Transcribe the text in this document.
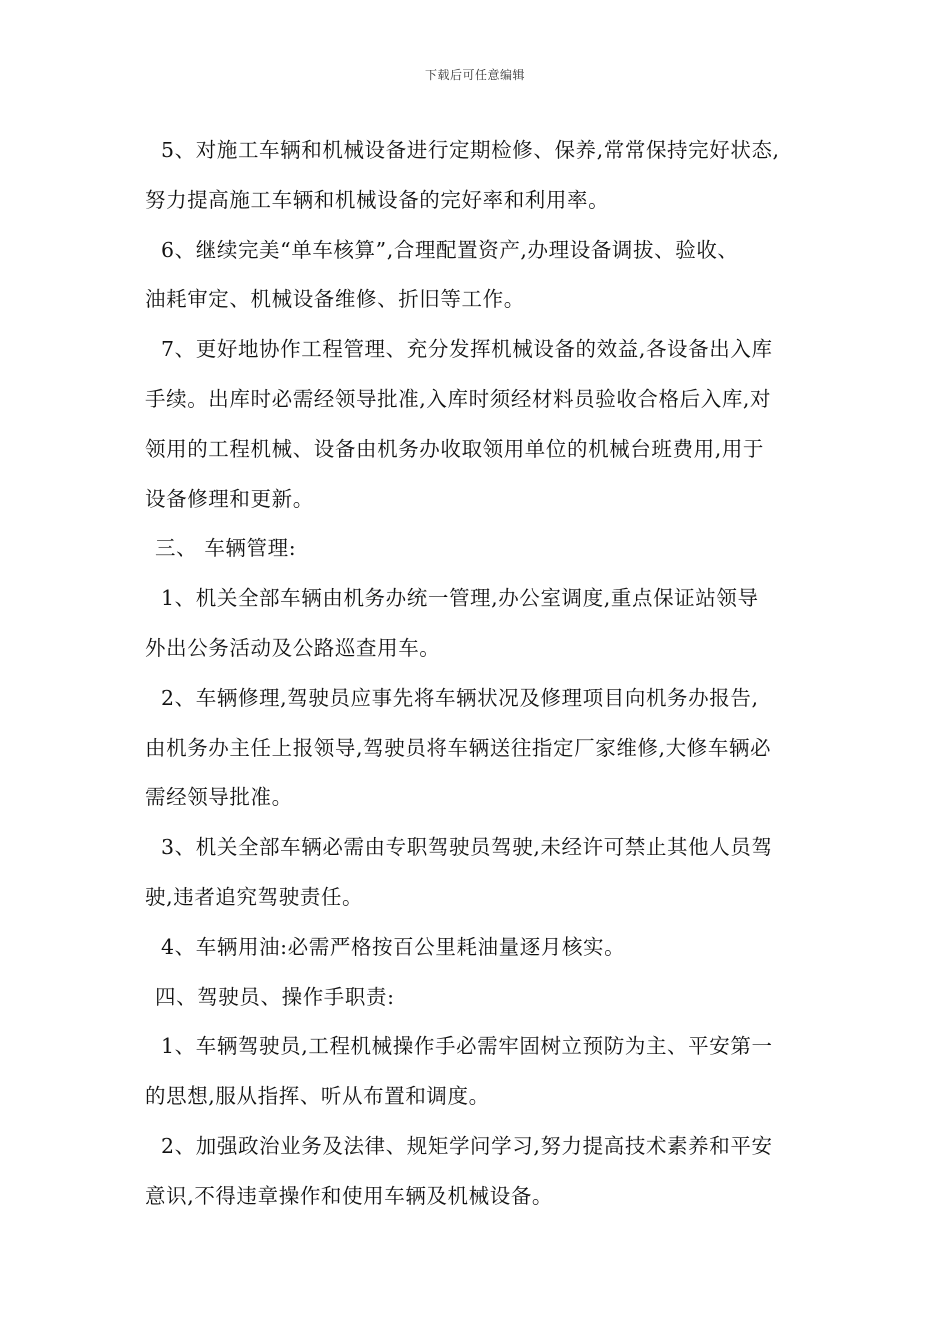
下载后可任意编辑
5、对施工车辆和机械设备进行定期检修、保养,常常保持完好状态,
努力提高施工车辆和机械设备的完好率和利用率。
6、继续完美“单车核算”,合理配置资产,办理设备调拔、验收、
油耗审定、机械设备维修、折旧等工作。
7、更好地协作工程管理、充分发挥机械设备的效益,各设备出入库
手续。出库时必需经领导批准,入库时须经材料员验收合格后入库,对
领用的工程机械、设备由机务办收取领用单位的机械台班费用,用于
设备修理和更新。
三、 车辆管理:
1、机关全部车辆由机务办统一管理,办公室调度,重点保证站领导
外出公务活动及公路巡查用车。
2、车辆修理,驾驶员应事先将车辆状况及修理项目向机务办报告,
由机务办主任上报领导,驾驶员将车辆送往指定厂家维修,大修车辆必
需经领导批准。
3、机关全部车辆必需由专职驾驶员驾驶,未经许可禁止其他人员驾
驶,违者追究驾驶责任。
4、车辆用油:必需严格按百公里耗油量逐月核实。
四、驾驶员、操作手职责:
1、车辆驾驶员,工程机械操作手必需牢固树立预防为主、平安第一
的思想,服从指挥、听从布置和调度。
2、加强政治业务及法律、规矩学问学习,努力提高技术素养和平安
意识,不得违章操作和使用车辆及机械设备。
